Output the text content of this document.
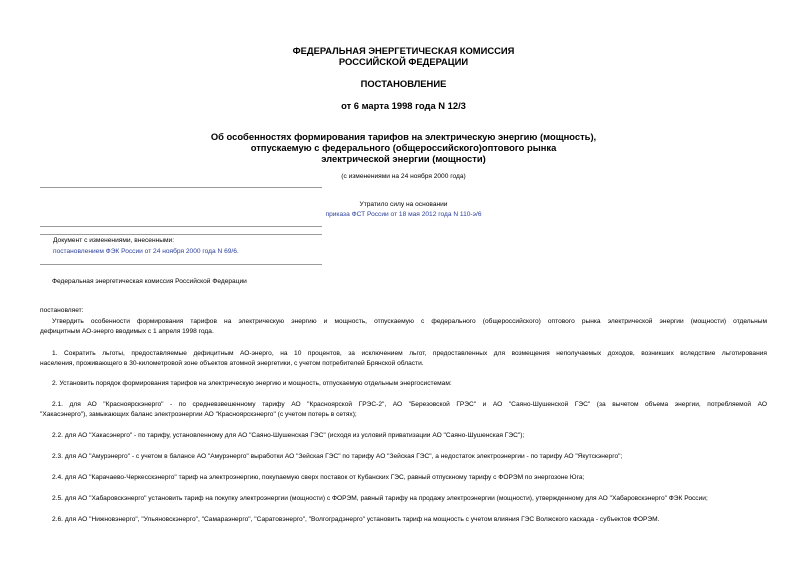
ФЕДЕРАЛЬНАЯ ЭНЕРГЕТИЧЕСКАЯ КОМИССИЯ
РОССИЙСКОЙ ФЕДЕРАЦИИ
ПОСТАНОВЛЕНИЕ
от 6 марта 1998 года N 12/3
Об особенностях формирования тарифов на электрическую энергию (мощность),
отпускаемую с федерального (общероссийского)оптового рынка
электрической энергии (мощности)
(с изменениями на 24 ноября 2000 года)
Утратило силу на основании
приказа ФСТ России от 18 мая 2012 года N 110-э/6
Документ с изменениями, внесенными:
постановлением ФЭК России от 24 ноября 2000 года N 69/6.
Федеральная энергетическая комиссия Российской Федерации
постановляет:
Утвердить особенности формирования тарифов на электрическую энергию и мощность, отпускаемую с федерального (общероссийского) оптового рынка электрической энергии (мощности) отдельным
дефицитным АО-энерго вводимых с 1 апреля 1998 года.
1. Сократить льготы, предоставляемые дефицитным АО-энерго, на 10 процентов, за исключением льгот, предоставленных для возмещения неполучаемых доходов, возникших вследствие льготирования
населения, проживающего в 30-километровой зоне объектов атомной энергетики, с учетом потребителей Брянской области.
2. Установить порядок формирования тарифов на электрическую энергию и мощность, отпускаемую отдельным энергосистемам:
2.1. для АО "Красноярскэнерго" - по средневзвешенному тарифу АО "Красноярской ГРЭС-2", АО "Березовской ГРЭС" и АО "Саяно-Шушенской ГЭС" (за вычетом объема энергии, потребляемой АО
"Хакасэнерго"), замыкающих баланс электроэнергии АО "Красноярскэнерго" (с учетом потерь в сетях);
2.2. для АО "Хакасэнерго" - по тарифу, установленному для АО "Саяно-Шушенская ГЭС" (исходя из условий приватизации АО "Саяно-Шушенская ГЭС");
2.3. для АО "Амурэнерго" - с учетом в балансе АО "Амурэнерго" выработки АО "Зейская ГЭС" по тарифу АО "Зейская ГЭС", а недостаток электроэнергии - по тарифу АО "Якутскэнерго";
2.4. для АО "Карачаево-Черкесскэнерго" тариф на электроэнергию, покупаемую сверх поставок от Кубанских ГЭС, равный отпускному тарифу с ФОРЭМ по энергозоне Юга;
2.5. для АО "Хабаровскэнерго" установить тариф на покупку электроэнергии (мощности) с ФОРЭМ, равный тарифу на продажу электроэнергии (мощности), утвержденному для АО "Хабаровскэнерго" ФЭК России;
2.6. для АО "Нижновэнерго", "Ульяновскэнерго", "Самараэнерго", "Саратовэнерго", "Волгоградэнерго" установить тариф на мощность с учетом влияния ГЭС Волжского каскада - субъектов ФОРЭМ.
